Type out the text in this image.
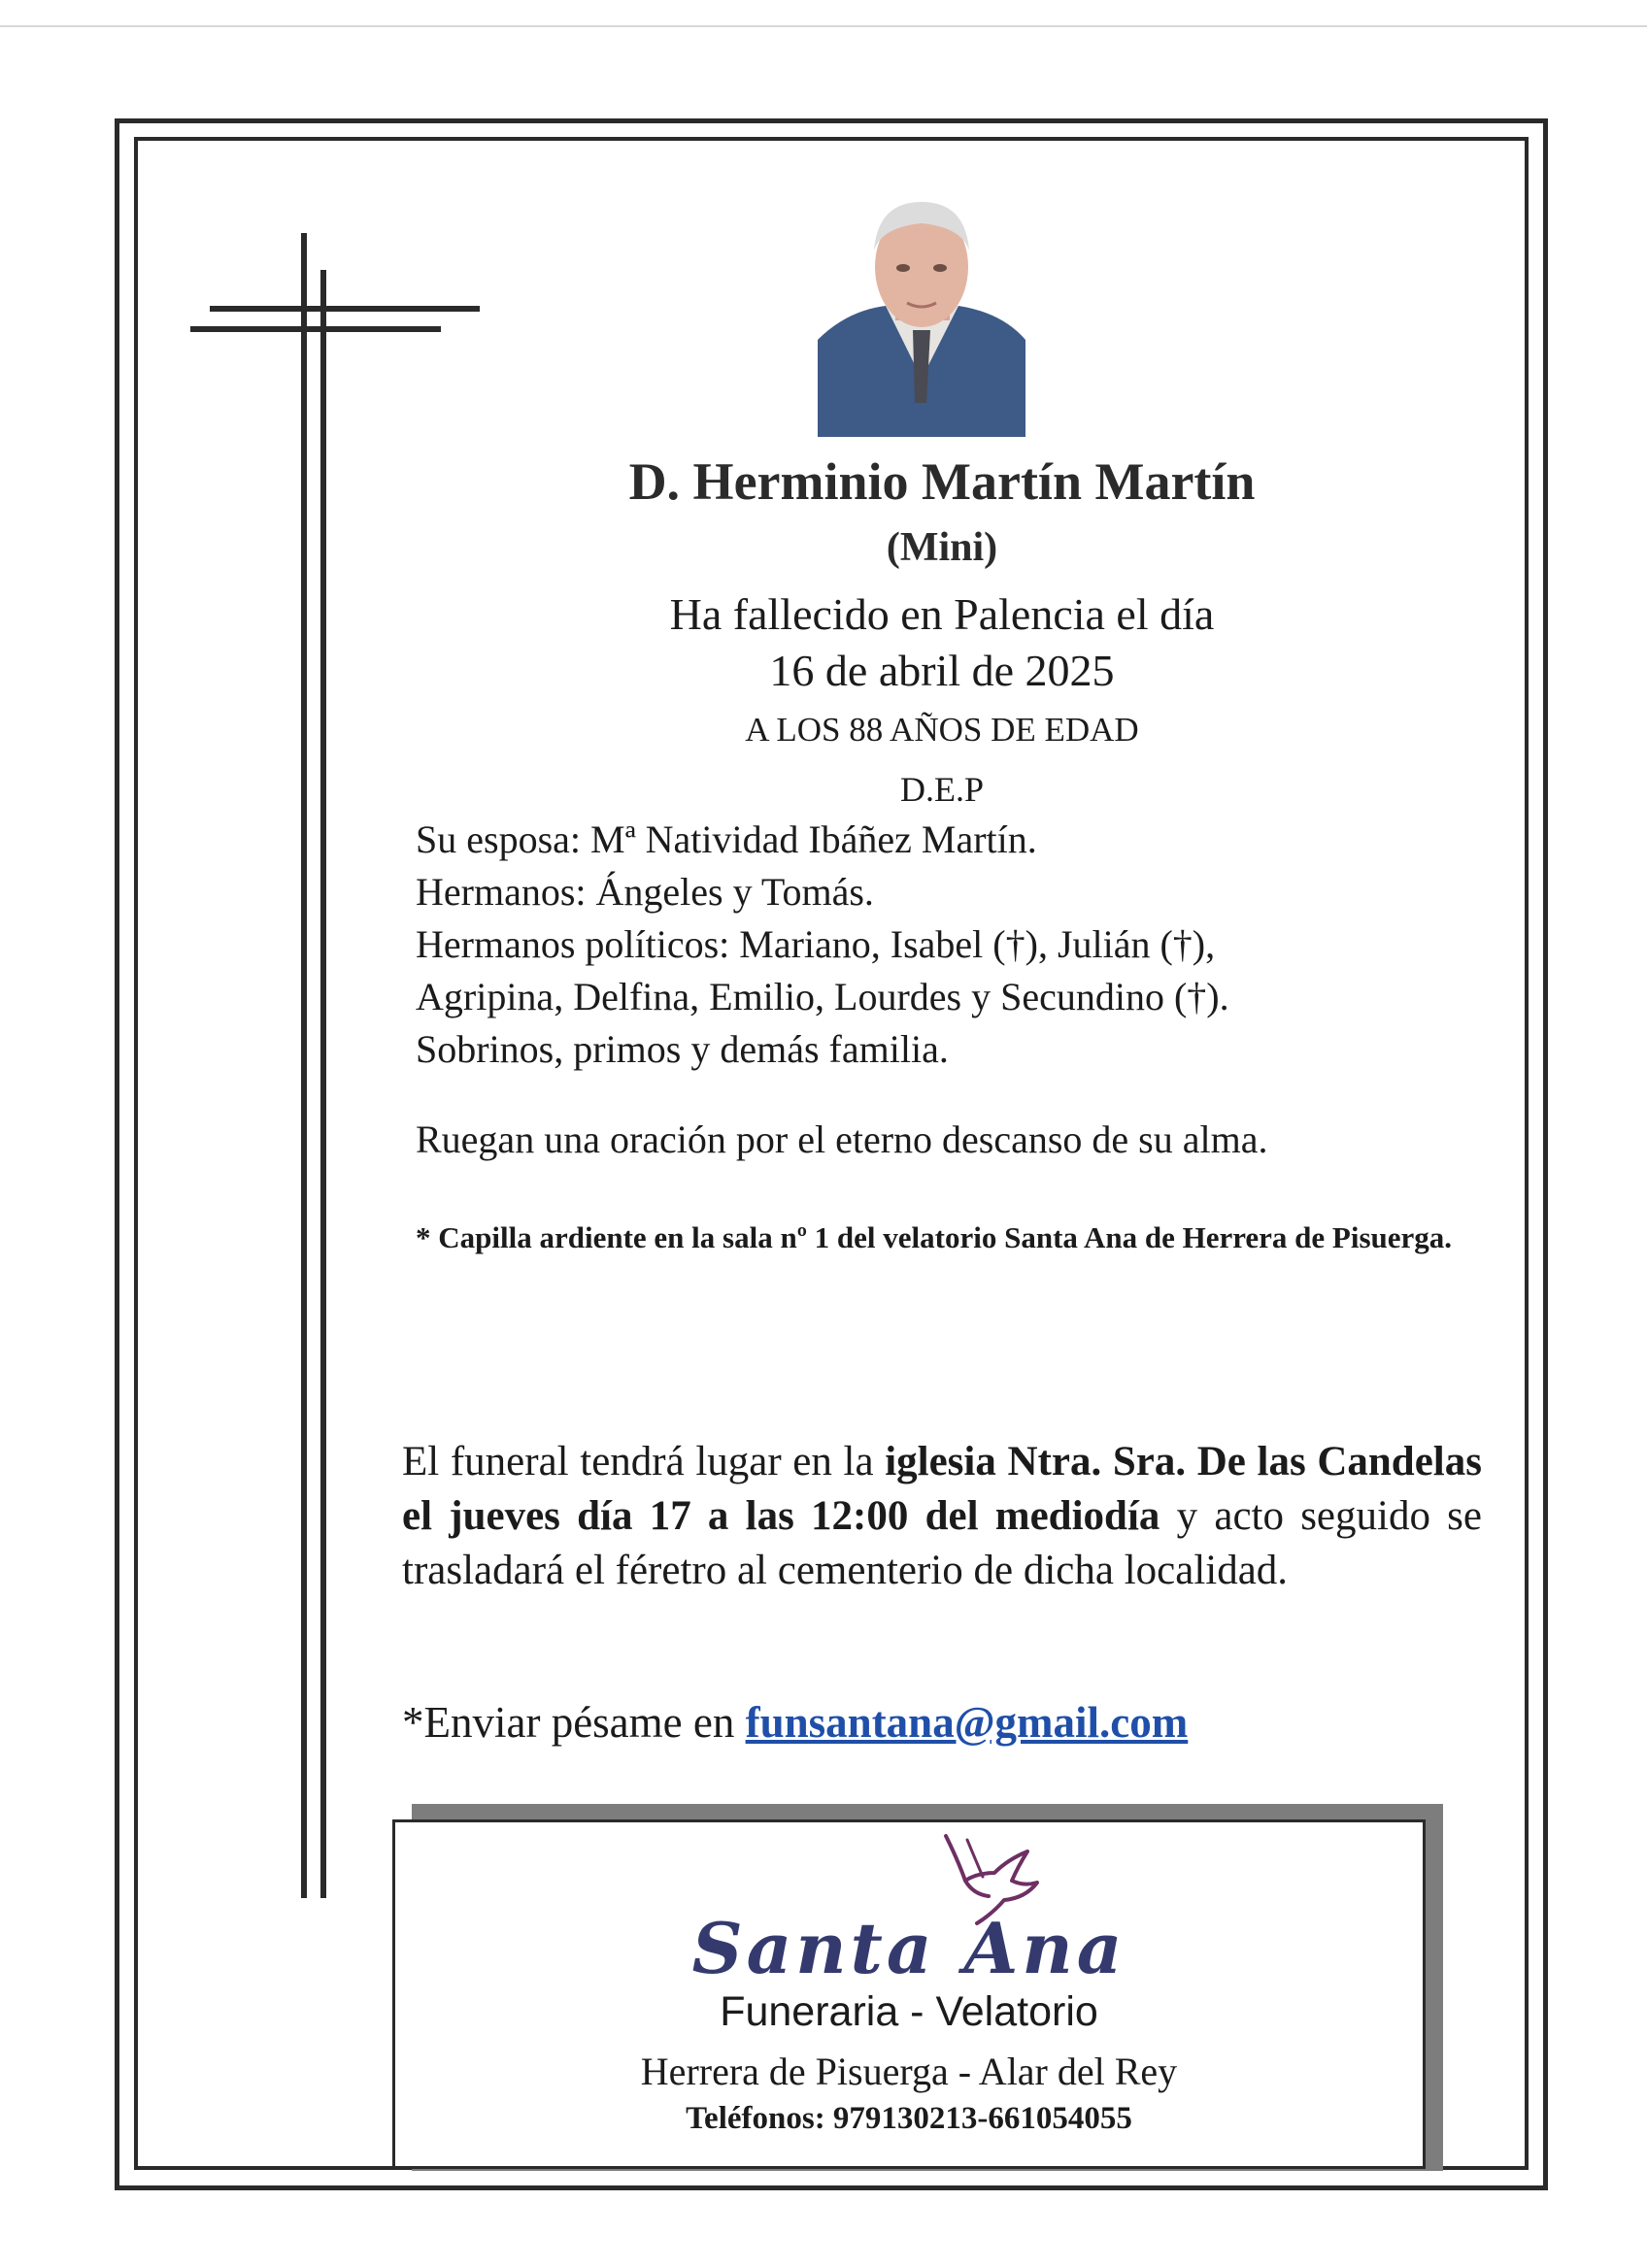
D. Herminio Martín Martín
(Mini)
Ha fallecido en Palencia el día
16 de abril de 2025
A LOS 88 AÑOS DE EDAD
D.E.P
Su esposa: Mª Natividad Ibáñez Martín.
Hermanos: Ángeles y Tomás.
Hermanos políticos: Mariano, Isabel (†), Julián (†),
Agripina, Delfina, Emilio, Lourdes y Secundino (†).
Sobrinos, primos y demás familia.
Ruegan una oración por el eterno descanso de su alma.
* Capilla ardiente en la sala nº 1 del velatorio Santa Ana de Herrera de Pisuerga.
El funeral tendrá lugar en la iglesia Ntra. Sra. De las Candelas el jueves día 17 a las 12:00 del mediodía y acto seguido se trasladará el féretro al cementerio de dicha localidad.
*Enviar pésame en funsantana@gmail.com
Santa Ana
Funeraria - Velatorio
Herrera de Pisuerga - Alar del Rey
Teléfonos: 979130213-661054055
